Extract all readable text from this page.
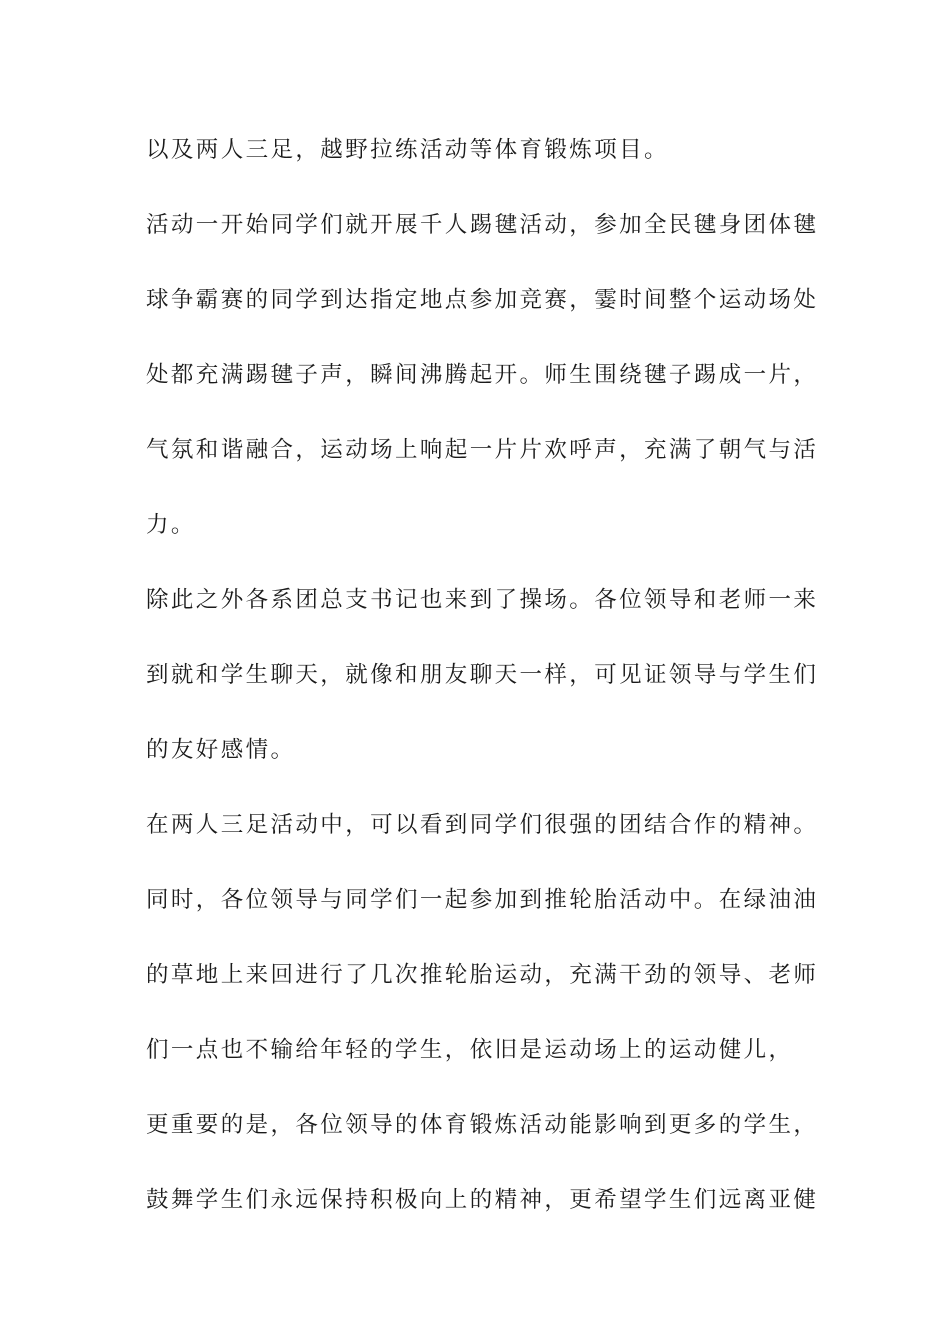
以及两人三足，越野拉练活动等体育锻炼项目。
活动一开始同学们就开展千人踢毽活动，参加全民毽身团体毽
球争霸赛的同学到达指定地点参加竞赛，霎时间整个运动场处
处都充满踢毽子声，瞬间沸腾起开。师生围绕毽子踢成一片，
气氛和谐融合，运动场上响起一片片欢呼声，充满了朝气与活
力。
除此之外各系团总支书记也来到了操场。各位领导和老师一来
到就和学生聊天，就像和朋友聊天一样，可见证领导与学生们
的友好感情。
在两人三足活动中，可以看到同学们很强的团结合作的精神。
同时，各位领导与同学们一起参加到推轮胎活动中。在绿油油
的草地上来回进行了几次推轮胎运动，充满干劲的领导、老师
们一点也不输给年轻的学生，依旧是运动场上的运动健儿，
更重要的是，各位领导的体育锻炼活动能影响到更多的学生，
鼓舞学生们永远保持积极向上的精神，更希望学生们远离亚健
